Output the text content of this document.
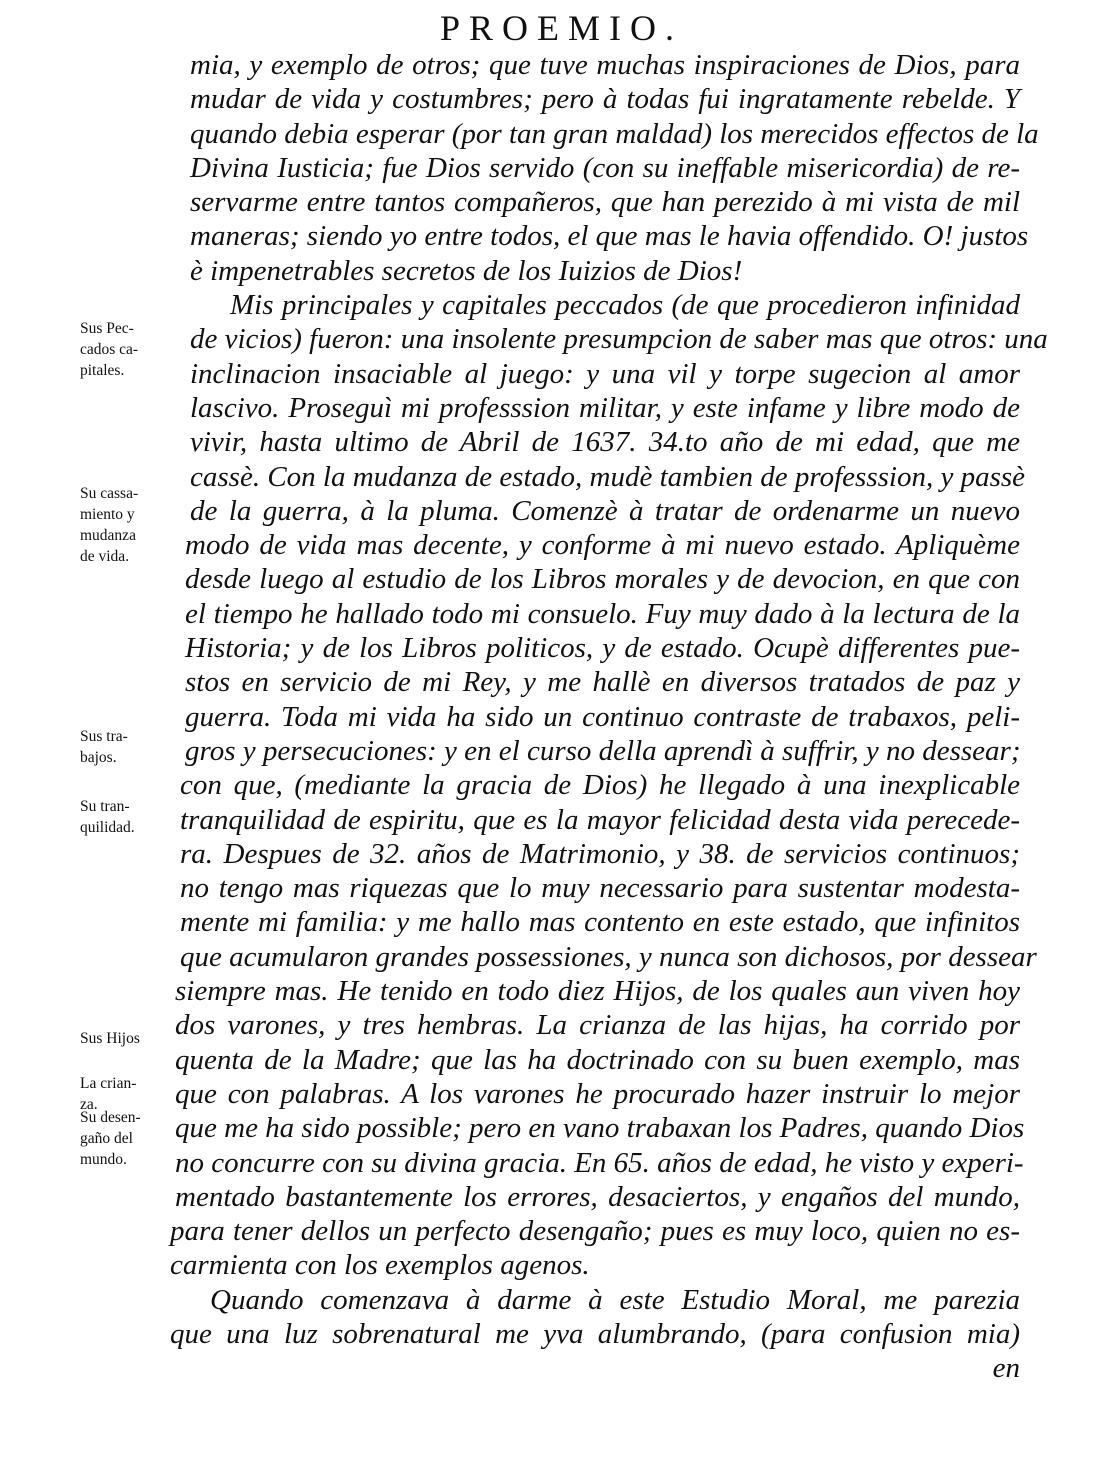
PROEMIO.
mia, y exemplo de otros; que tuve muchas inspiraciones de Dios, para
mudar de vida y costumbres; pero à todas fui ingratamente rebelde. Y
quando debia esperar (por tan gran maldad) los merecidos effectos de la
Divina Iusticia; fue Dios servido (con su ineffable misericordia) de re-
servarme entre tantos compañeros, que han perezido à mi vista de mil
maneras; siendo yo entre todos, el que mas le havia offendido. O! justos
è impenetrables secretos de los Iuizios de Dios!
Mis principales y capitales peccados (de que procedieron infinidad
de vicios) fueron: una insolente presumpcion de saber mas que otros: una
inclinacion insaciable al juego: y una vil y torpe sugecion al amor
lascivo. Proseguì mi professsion militar, y este infame y libre modo de
vivir, hasta ultimo de Abril de 1637. 34.to año de mi edad, que me
cassè. Con la mudanza de estado, mudè tambien de professsion, y passè
de la guerra, à la pluma. Comenzè à tratar de ordenarme un nuevo
modo de vida mas decente, y conforme à mi nuevo estado. Apliquème
desde luego al estudio de los Libros morales y de devocion, en que con
el tiempo he hallado todo mi consuelo. Fuy muy dado à la lectura de la
Historia; y de los Libros politicos, y de estado. Ocupè differentes pue-
stos en servicio de mi Rey, y me hallè en diversos tratados de paz y
guerra. Toda mi vida ha sido un continuo contraste de trabaxos, peli-
gros y persecuciones: y en el curso della aprendì à suffrir, y no dessear;
con que, (mediante la gracia de Dios) he llegado à una inexplicable
tranquilidad de espiritu, que es la mayor felicidad desta vida perecede-
ra. Despues de 32. años de Matrimonio, y 38. de servicios continuos;
no tengo mas riquezas que lo muy necessario para sustentar modesta-
mente mi familia: y me hallo mas contento en este estado, que infinitos
que acumularon grandes possessiones, y nunca son dichosos, por dessear
siempre mas. He tenido en todo diez Hijos, de los quales aun viven hoy
dos varones, y tres hembras. La crianza de las hijas, ha corrido por
quenta de la Madre; que las ha doctrinado con su buen exemplo, mas
que con palabras. A los varones he procurado hazer instruir lo mejor
que me ha sido possible; pero en vano trabaxan los Padres, quando Dios
no concurre con su divina gracia. En 65. años de edad, he visto y experi-
mentado bastantemente los errores, desaciertos, y engaños del mundo,
para tener dellos un perfecto desengaño; pues es muy loco, quien no es-
carmienta con los exemplos agenos.
Quando comenzava à darme à este Estudio Moral, me parezia
que una luz sobrenatural me yva alumbrando, (para confusion mia)
en
Sus Pec-
cados ca-
pitales.
Su cassa-
miento y
mudanza
de vida.
Sus tra-
bajos.
Su tran-
quilidad.
Sus Hijos
La crian-
za.
Su desen-
gaño del
mundo.
